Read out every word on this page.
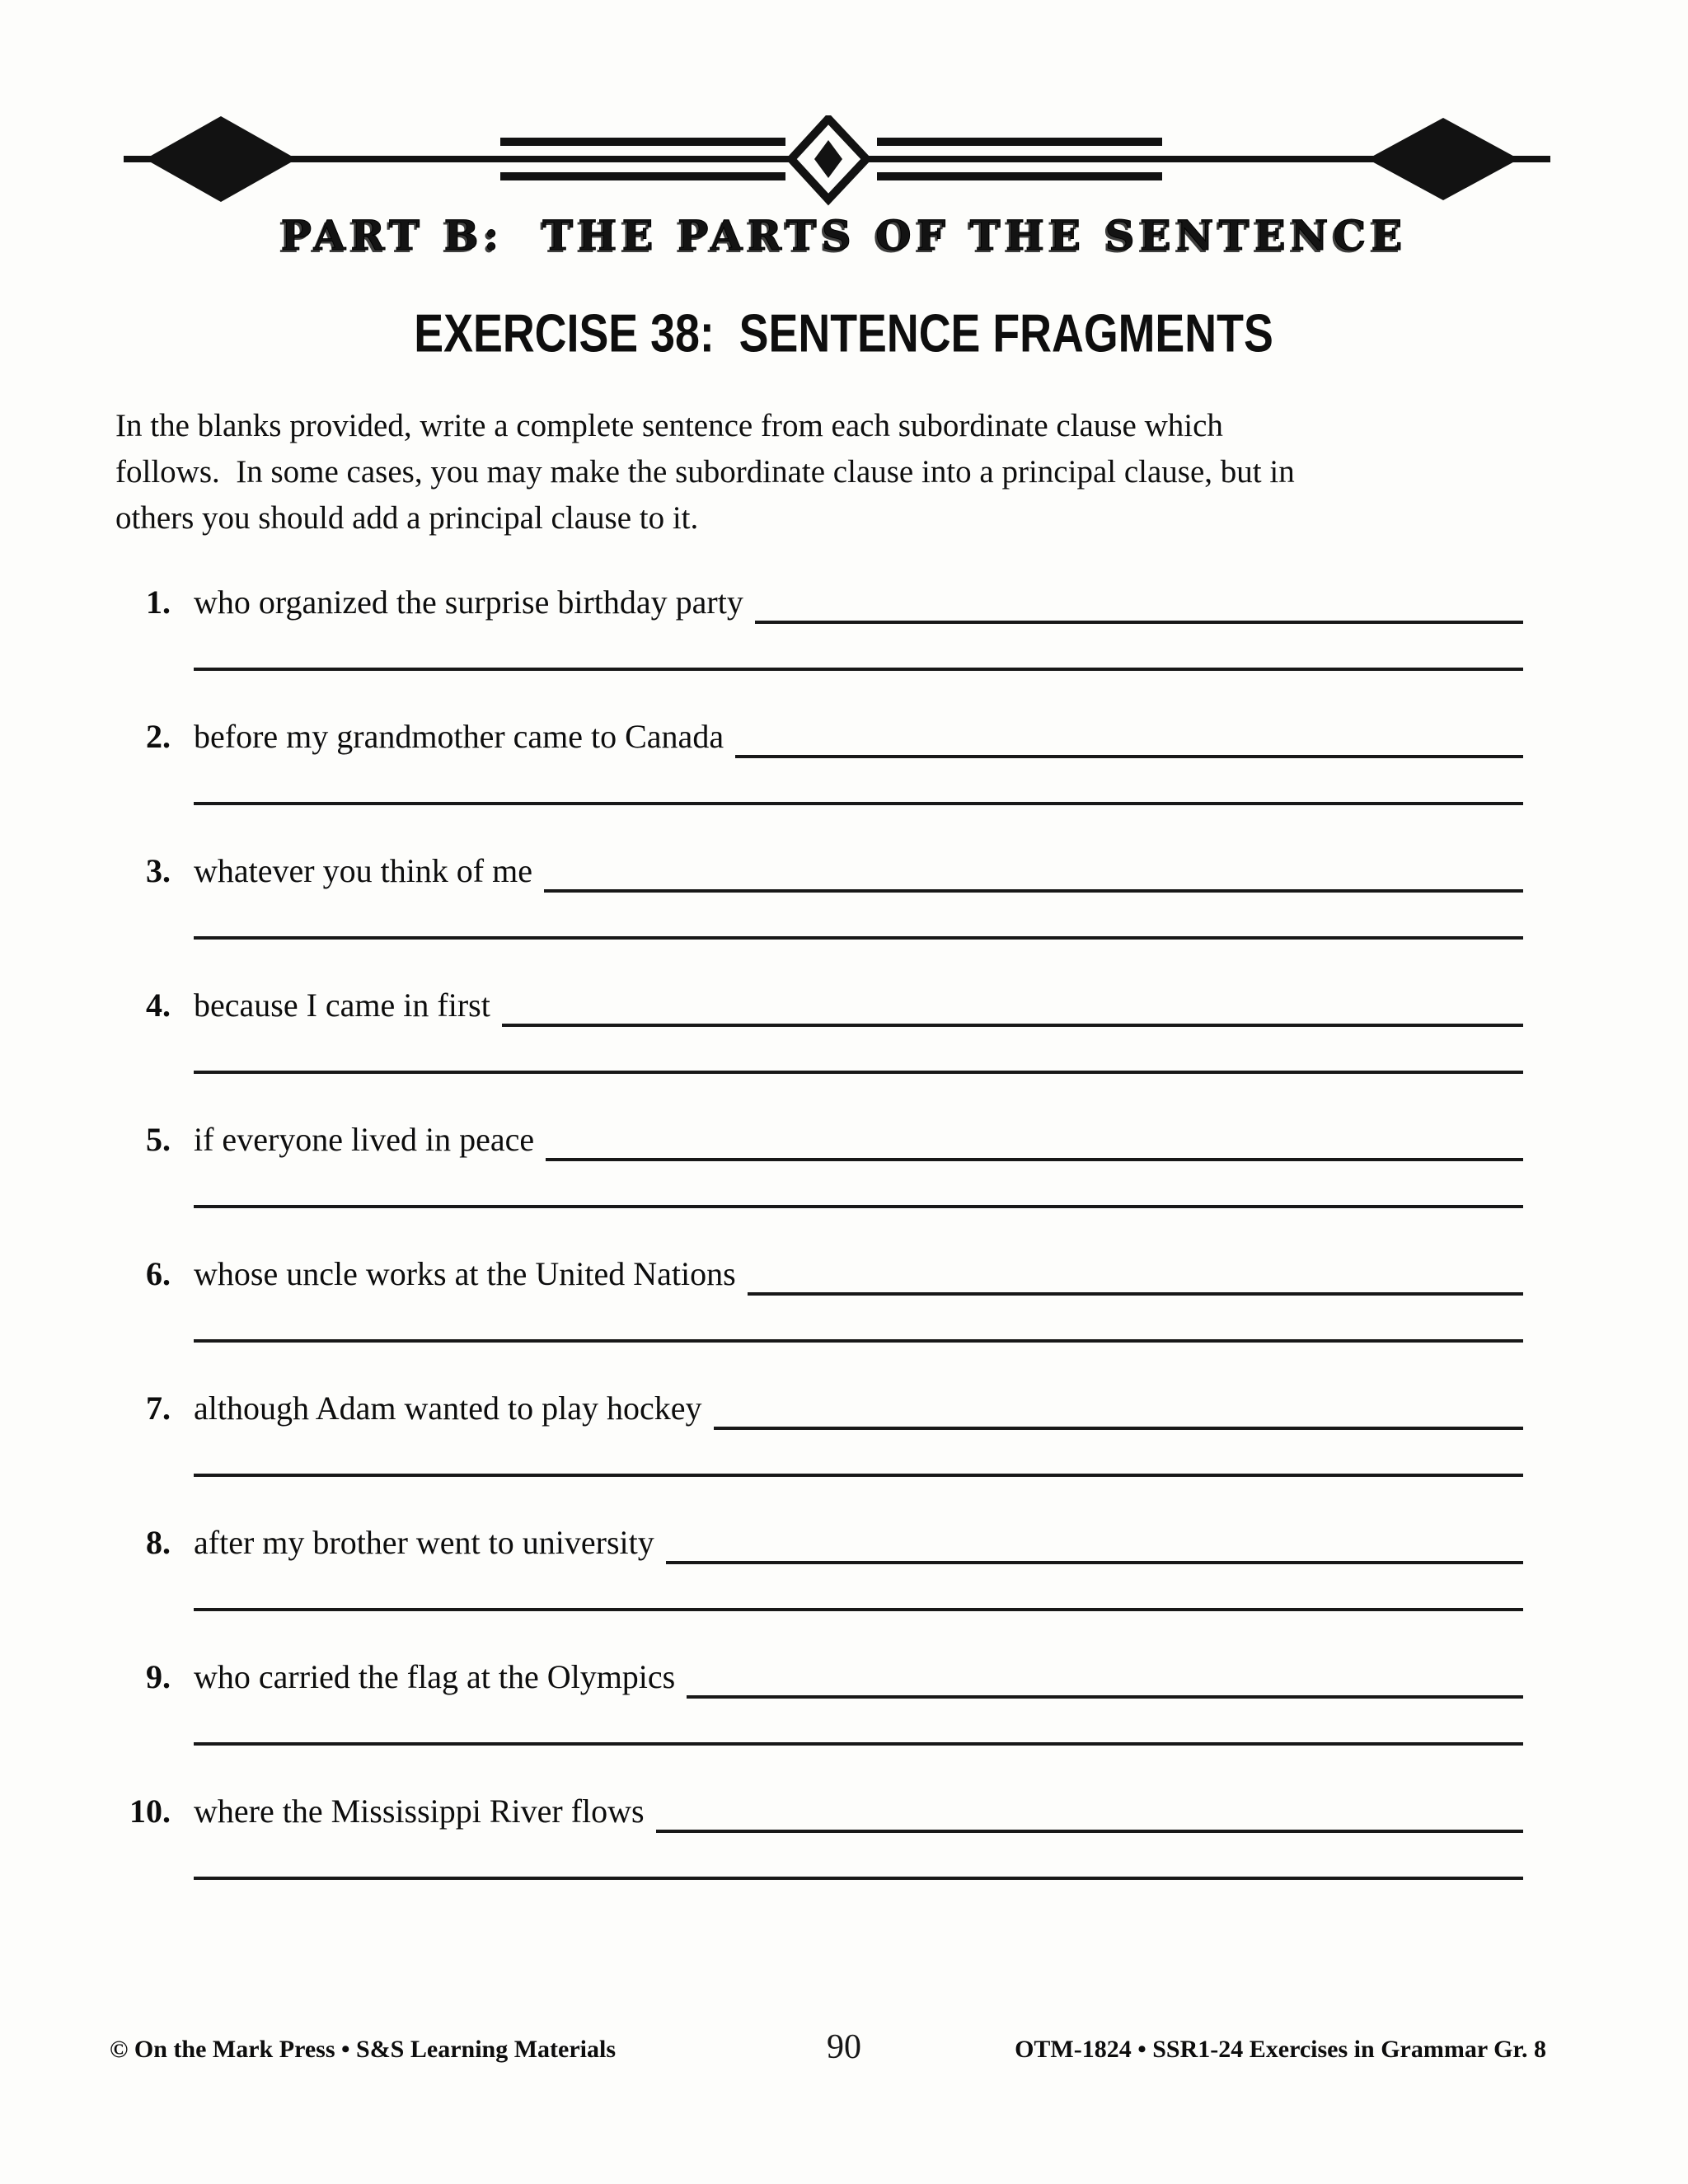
PART B:  THE PARTS OF THE SENTENCE
EXERCISE 38:  SENTENCE FRAGMENTS
In the blanks provided, write a complete sentence from each subordinate clause which
follows.  In some cases, you may make the subordinate clause into a principal clause, but in
others you should add a principal clause to it.
1. who organized the surprise birthday party
2. before my grandmother came to Canada
3. whatever you think of me
4. because I came in first
5. if everyone lived in peace
6. whose uncle works at the United Nations
7. although Adam wanted to play hockey
8. after my brother went to university
9. who carried the flag at the Olympics
10. where the Mississippi River flows
© On the Mark Press • S&S Learning Materials	90	OTM-1824 • SSR1-24 Exercises in Grammar Gr. 8
